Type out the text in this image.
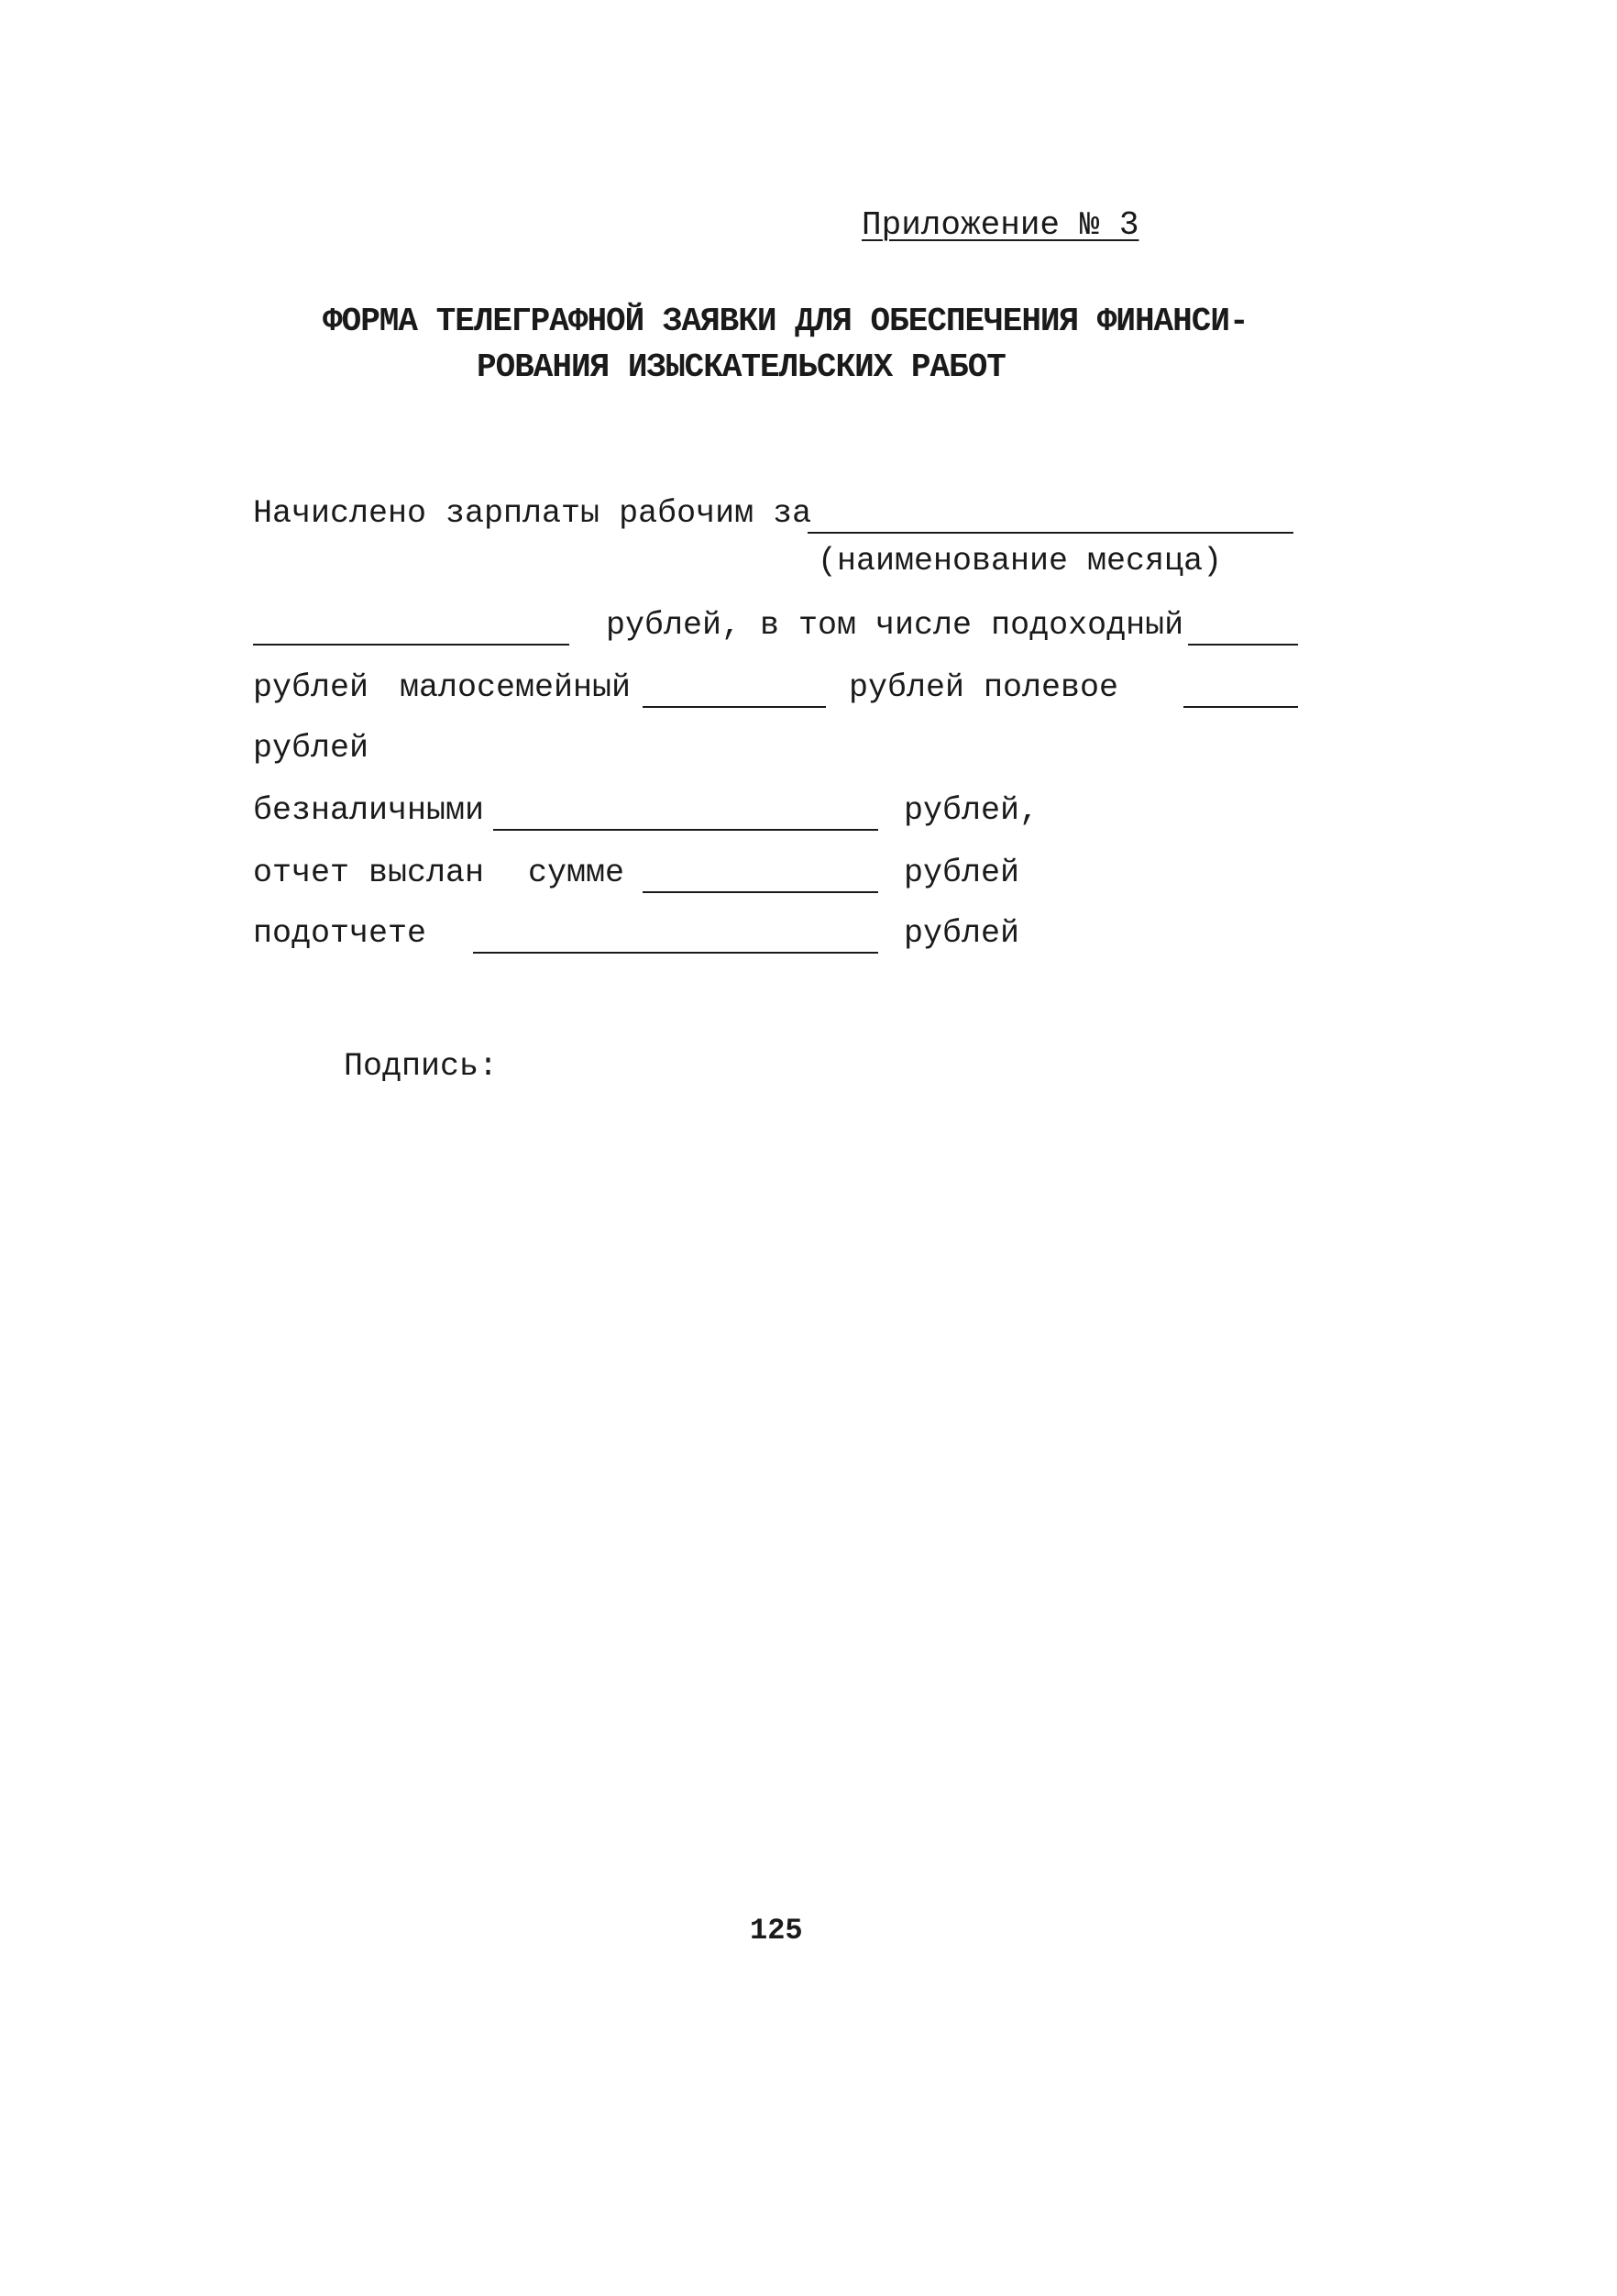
Приложение № 3
ФОРМА ТЕЛЕГРАФНОЙ ЗАЯВКИ ДЛЯ ОБЕСПЕЧЕНИЯ ФИНАНСИ-
РОВАНИЯ ИЗЫСКАТЕЛЬСКИХ РАБОТ
Начислено зарплаты рабочим за
(наименование месяца)
рублей, в том числе подоходный
рублей малосемейный	рублей полевое
рублей
безналичными	рублей,
отчет выслан сумме	рублей
подотчете	рублей
Подпись:
125
